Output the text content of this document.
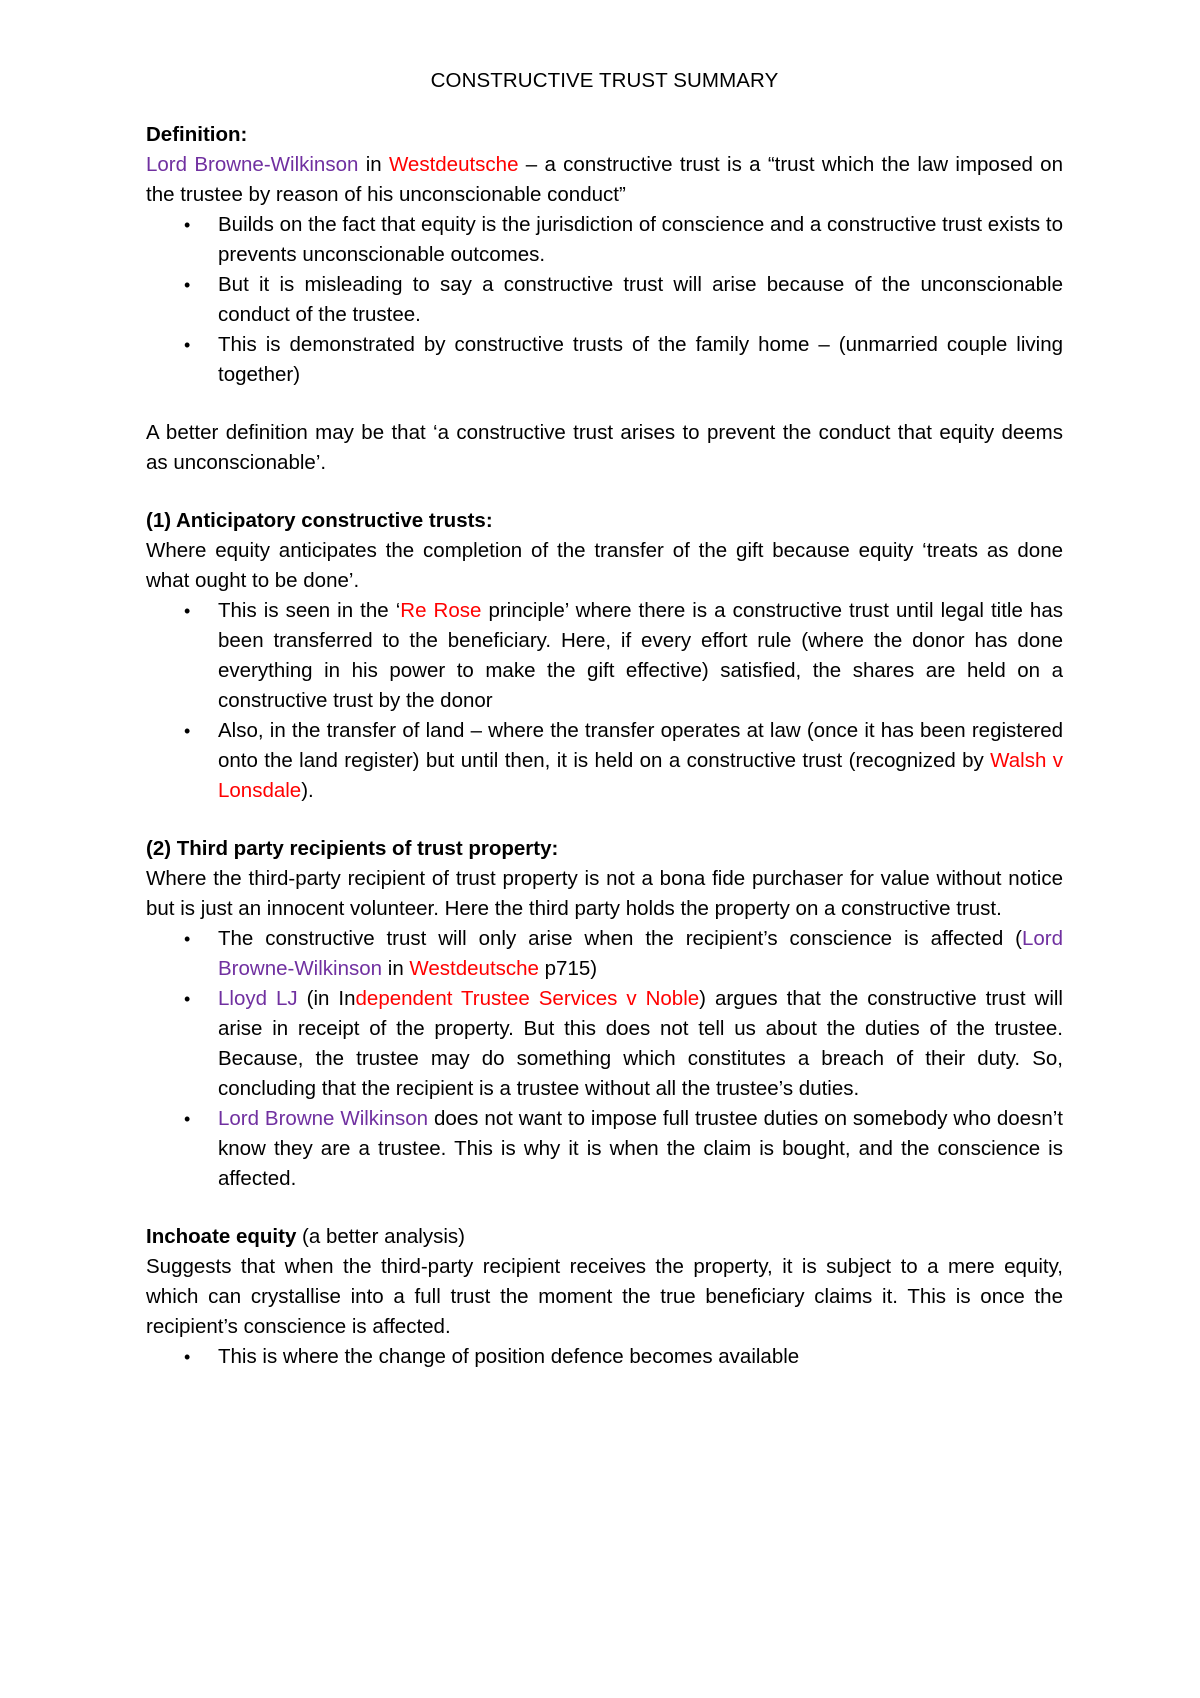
CONSTRUCTIVE TRUST SUMMARY

Definition:

Lord Browne-Wilkinson in Westdeutsche – a constructive trust is a “trust which the law imposed on the trustee by reason of his unconscionable conduct”

• Builds on the fact that equity is the jurisdiction of conscience and a constructive trust exists to prevents unconscionable outcomes.
• But it is misleading to say a constructive trust will arise because of the unconscionable conduct of the trustee.
• This is demonstrated by constructive trusts of the family home – (unmarried couple living together)

A better definition may be that ‘a constructive trust arises to prevent the conduct that equity deems as unconscionable’.

(1) Anticipatory constructive trusts:

Where equity anticipates the completion of the transfer of the gift because equity ‘treats as done what ought to be done’.

• This is seen in the ‘Re Rose principle’ where there is a constructive trust until legal title has been transferred to the beneficiary. Here, if every effort rule (where the donor has done everything in his power to make the gift effective) satisfied, the shares are held on a constructive trust by the donor
• Also, in the transfer of land – where the transfer operates at law (once it has been registered onto the land register) but until then, it is held on a constructive trust (recognized by Walsh v Lonsdale).

(2) Third party recipients of trust property:

Where the third-party recipient of trust property is not a bona fide purchaser for value without notice but is just an innocent volunteer. Here the third party holds the property on a constructive trust.

• The constructive trust will only arise when the recipient’s conscience is affected (Lord Browne-Wilkinson in Westdeutsche p715)
• Lloyd LJ (in Independent Trustee Services v Noble) argues that the constructive trust will arise in receipt of the property. But this does not tell us about the duties of the trustee. Because, the trustee may do something which constitutes a breach of their duty. So, concluding that the recipient is a trustee without all the trustee’s duties.
• Lord Browne Wilkinson does not want to impose full trustee duties on somebody who doesn’t know they are a trustee. This is why it is when the claim is bought, and the conscience is affected.

Inchoate equity (a better analysis)

Suggests that when the third-party recipient receives the property, it is subject to a mere equity, which can crystallise into a full trust the moment the true beneficiary claims it. This is once the recipient’s conscience is affected.

• This is where the change of position defence becomes available
